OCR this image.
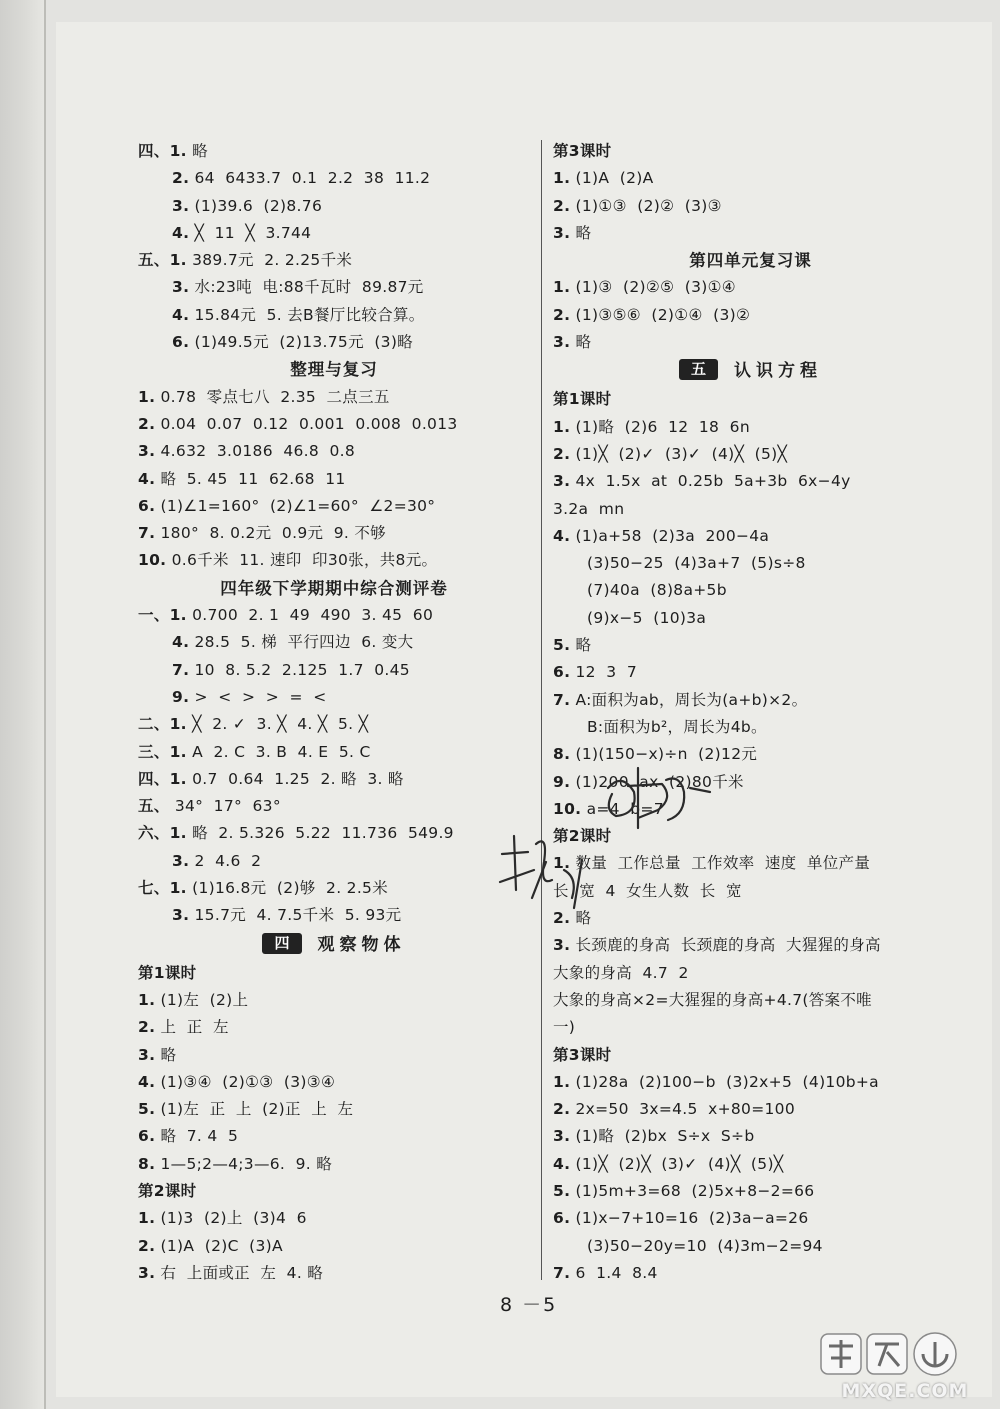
四、1. 略
2. 64  6433.7  0.1  2.2  38  11.2
3. (1)39.6  (2)8.76
4. ╳  11  ╳  3.744
五、1. 389.7元  2. 2.25千米
3. 水:23吨  电:88千瓦时  89.87元
4. 15.84元  5. 去B餐厅比较合算。
6. (1)49.5元  (2)13.75元  (3)略
整理与复习
1. 0.78  零点七八  2.35  二点三五
2. 0.04  0.07  0.12  0.001  0.008  0.013
3. 4.632  3.0186  46.8  0.8
4. 略  5. 45  11  62.68  11
6. (1)∠1=160°  (2)∠1=60°  ∠2=30°
7. 180°  8. 0.2元  0.9元  9. 不够
10. 0.6千米  11. 速印  印30张，共8元。
四年级下学期期中综合测评卷
一、1. 0.700  2. 1  49  490  3. 45  60
4. 28.5  5. 梯  平行四边  6. 变大
7. 10  8. 5.2  2.125  1.7  0.45
9. >  <  >  >  =  <
二、1. ╳  2. ✓  3. ╳  4. ╳  5. ╳
三、1. A  2. C  3. B  4. E  5. C
四、1. 0.7  0.64  1.25  2. 略  3. 略
五、 34°  17°  63°
六、1. 略  2. 5.326  5.22  11.736  549.9
3. 2  4.6  2
七、1. (1)16.8元  (2)够  2. 2.5米
3. 15.7元  4. 7.5千米  5. 93元
四 观察物体
第1课时
1. (1)左  (2)上
2. 上  正  左
3. 略
4. (1)③④  (2)①③  (3)③④
5. (1)左  正  上  (2)正  上  左
6. 略  7. 4  5
8. 1—5;2—4;3—6.  9. 略
第2课时
1. (1)3  (2)上  (3)4  6
2. (1)A  (2)C  (3)A
3. 右  上面或正  左  4. 略
第3课时
1. (1)A  (2)A
2. (1)①③  (2)②  (3)③
3. 略
第四单元复习课
1. (1)③  (2)②⑤  (3)①④
2. (1)③⑤⑥  (2)①④  (3)②
3. 略
五 认识方程
第1课时
1. (1)略  (2)6  12  18  6n
2. (1)╳  (2)✓  (3)✓  (4)╳  (5)╳
3. 4x  1.5x  at  0.25b  5a+3b  6x−4y
3.2a  mn
4. (1)a+58  (2)3a  200−4a
(3)50−25  (4)3a+7  (5)s÷8
(7)40a  (8)8a+5b
(9)x−5  (10)3a
5. 略
6. 12  3  7
7. A:面积为ab，周长为(a+b)×2。
B:面积为b²，周长为4b。
8. (1)(150−x)÷n  (2)12元
9. (1)200  ax  (2)80千米
10. a=4  b=7
第2课时
1. 数量  工作总量  工作效率  速度  单位产量
长  宽  4  女生人数  长  宽
2. 略
3. 长颈鹿的身高  长颈鹿的身高  大猩猩的身高
大象的身高  4.7  2
大象的身高×2=大猩猩的身高+4.7(答案不唯
一)
第3课时
1. (1)28a  (2)100−b  (3)2x+5  (4)10b+a
2. 2x=50  3x=4.5  x+80=100
3. (1)略  (2)bx  S÷x  S÷b
4. (1)╳  (2)╳  (3)✓  (4)╳  (5)╳
5. (1)5m+3=68  (2)5x+8−2=66
6. (1)x−7+10=16  (2)3a−a=26
(3)50−20y=10  (4)3m−2=94
7. 6  1.4  8.4
8 －5
MXQE.COM
